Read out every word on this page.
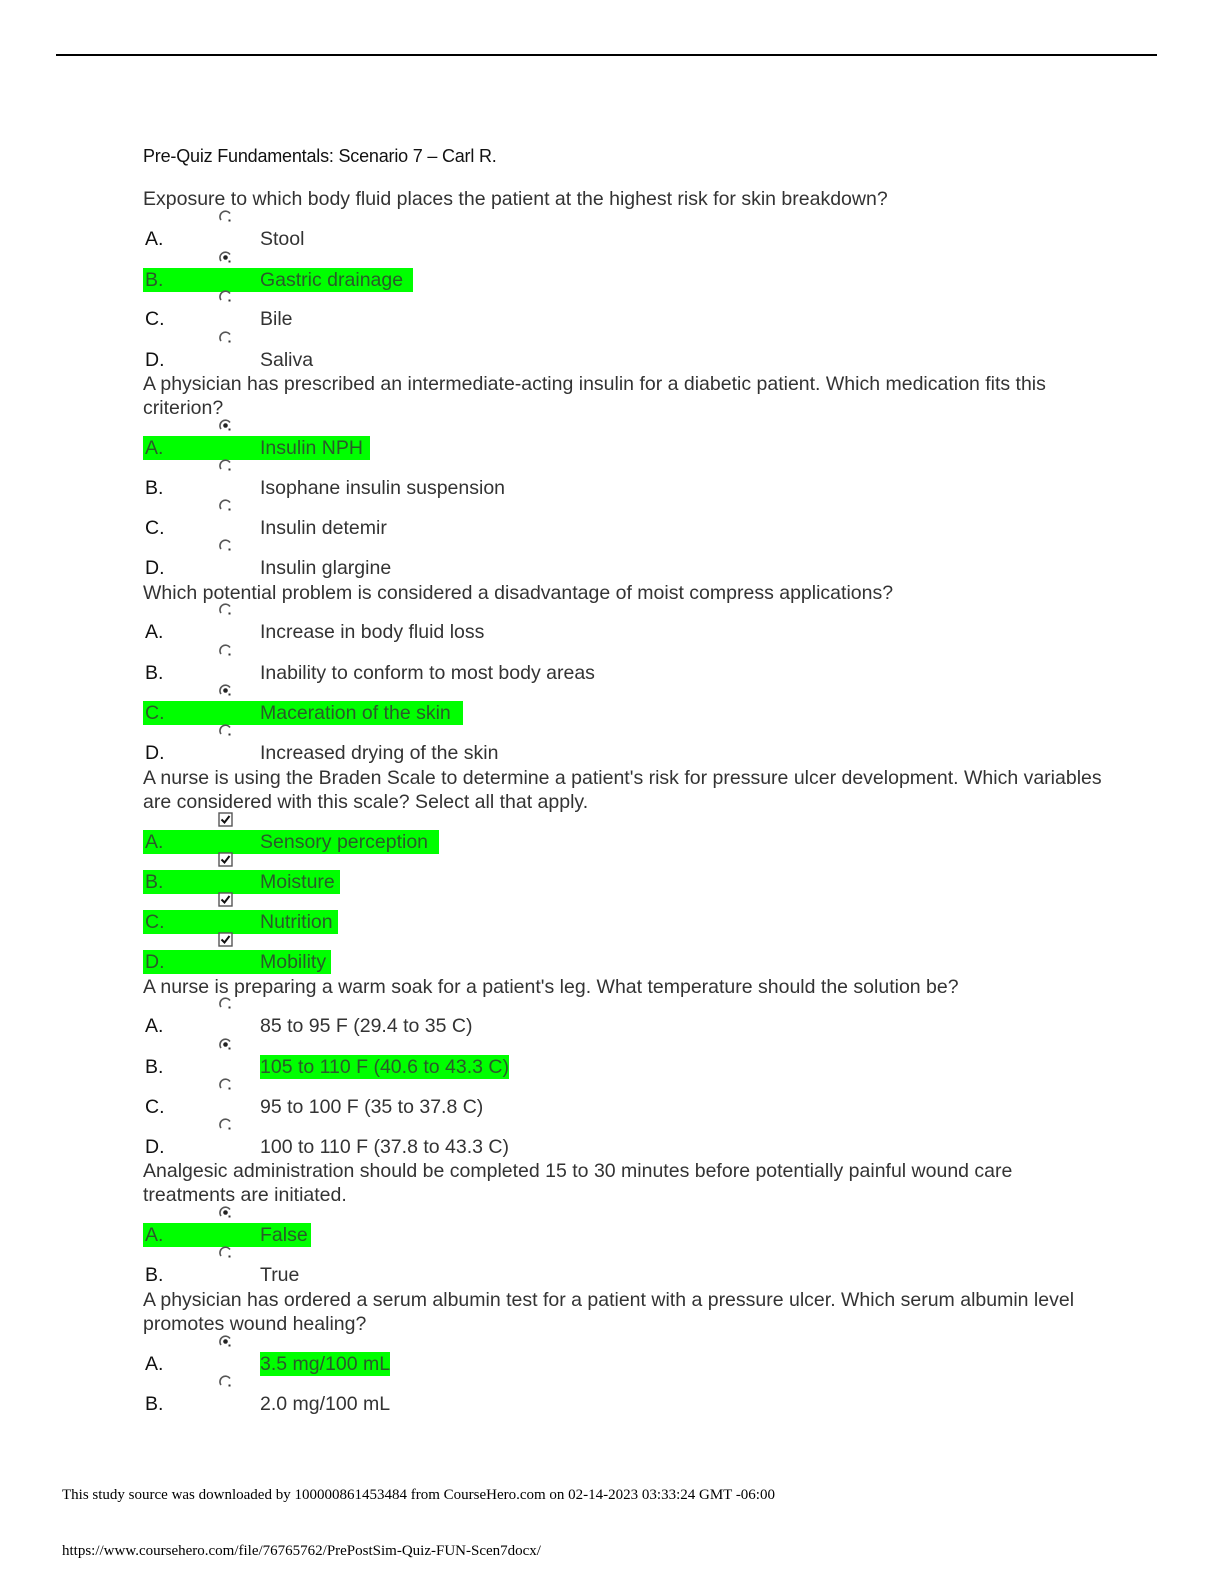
Pre-Quiz Fundamentals: Scenario 7 – Carl R.

Exposure to which body fluid places the patient at the highest risk for skin breakdown?

A.	Stool
B.	Gastric drainage
C.	Bile
D.	Saliva

A physician has prescribed an intermediate-acting insulin for a diabetic patient. Which medication fits this criterion?

A.	Insulin NPH
B.	Isophane insulin suspension
C.	Insulin detemir
D.	Insulin glargine

Which potential problem is considered a disadvantage of moist compress applications?

A.	Increase in body fluid loss
B.	Inability to conform to most body areas
C.	Maceration of the skin
D.	Increased drying of the skin

A nurse is using the Braden Scale to determine a patient's risk for pressure ulcer development. Which variables are considered with this scale? Select all that apply.

A.	Sensory perception
B.	Moisture
C.	Nutrition
D.	Mobility

A nurse is preparing a warm soak for a patient's leg. What temperature should the solution be?

A.	85 to 95 F (29.4 to 35 C)
B.	105 to 110 F (40.6 to 43.3 C)
C.	95 to 100 F (35 to 37.8 C)
D.	100 to 110 F (37.8 to 43.3 C)

Analgesic administration should be completed 15 to 30 minutes before potentially painful wound care treatments are initiated.

A.	False
B.	True

A physician has ordered a serum albumin test for a patient with a pressure ulcer. Which serum albumin level promotes wound healing?

A.	3.5 mg/100 mL
B.	2.0 mg/100 mL

This study source was downloaded by 100000861453484 from CourseHero.com on 02-14-2023 03:33:24 GMT -06:00

https://www.coursehero.com/file/76765762/PrePostSim-Quiz-FUN-Scen7docx/
